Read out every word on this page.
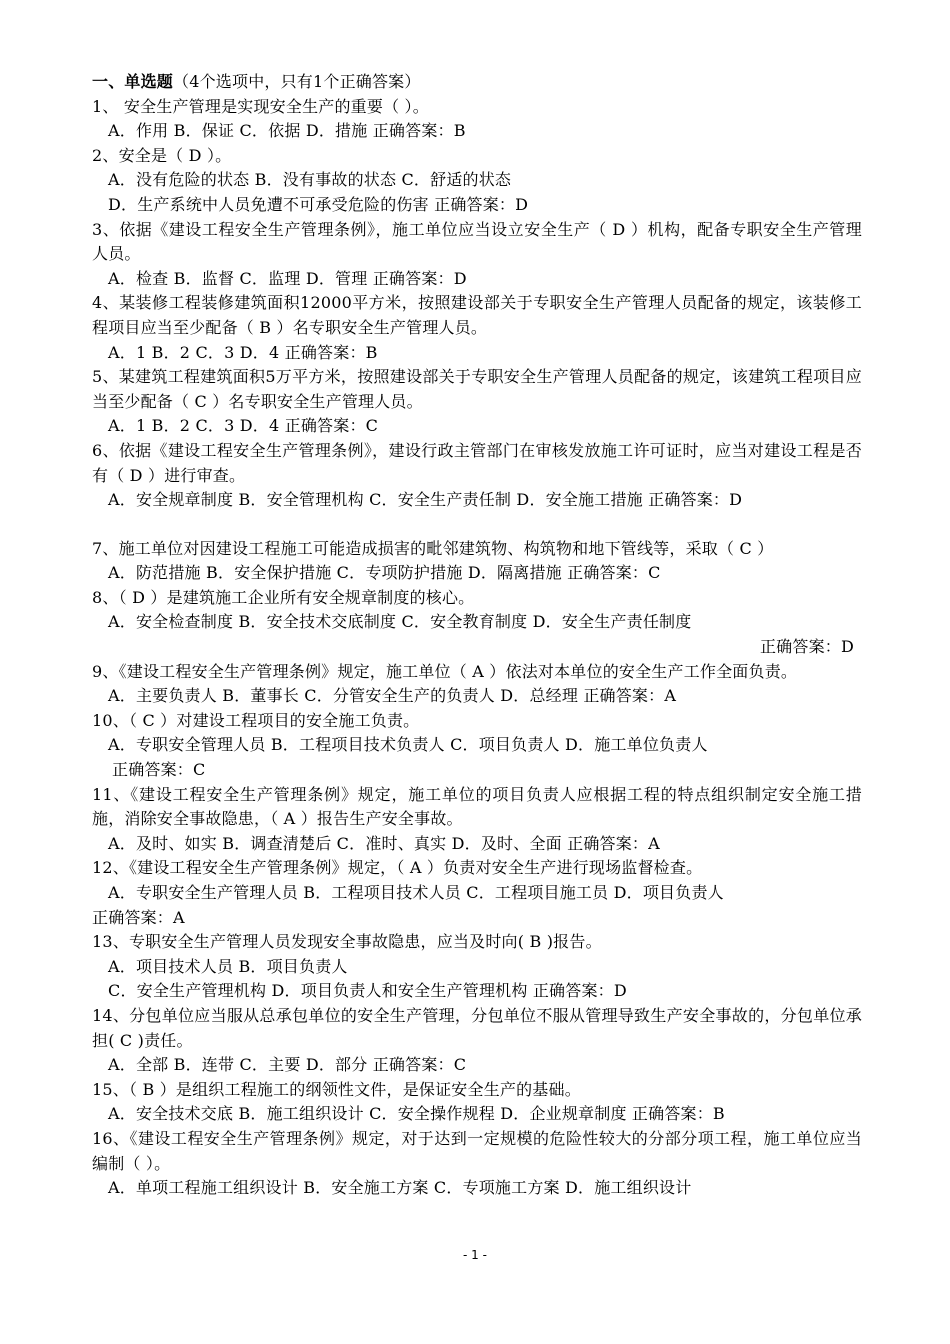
一、单选题（4个选项中，只有1个正确答案）
1、 安全生产管理是实现安全生产的重要（ ）。
A．作用 B．保证 C．依据 D．措施 正确答案：B
2、安全是（ D ）。
A．没有危险的状态 B．没有事故的状态 C．舒适的状态
D．生产系统中人员免遭不可承受危险的伤害 正确答案：D
3、依据《建设工程安全生产管理条例》，施工单位应当设立安全生产（ D ）机构，配备专职安全生产管理人员。
A．检查 B．监督 C．监理 D．管理 正确答案：D
4、某装修工程装修建筑面积12000平方米，按照建设部关于专职安全生产管理人员配备的规定，该装修工程项目应当至少配备（ B ）名专职安全生产管理人员。
A．1 B．2 C．3 D．4 正确答案：B
5、某建筑工程建筑面积5万平方米，按照建设部关于专职安全生产管理人员配备的规定，该建筑工程项目应当至少配备（ C ）名专职安全生产管理人员。
A．1 B．2 C．3 D．4 正确答案：C
6、依据《建设工程安全生产管理条例》，建设行政主管部门在审核发放施工许可证时，应当对建设工程是否有（ D ）进行审查。
A．安全规章制度 B．安全管理机构 C．安全生产责任制 D．安全施工措施 正确答案：D
7、施工单位对因建设工程施工可能造成损害的毗邻建筑物、构筑物和地下管线等，采取（ C ）
A．防范措施 B．安全保护措施 C．专项防护措施 D．隔离措施 正确答案：C
8、（ D ）是建筑施工企业所有安全规章制度的核心。
A．安全检查制度 B．安全技术交底制度 C．安全教育制度 D．安全生产责任制度
正确答案：D
9、《建设工程安全生产管理条例》规定，施工单位（ A ）依法对本单位的安全生产工作全面负责。
A．主要负责人 B．董事长 C．分管安全生产的负责人 D．总经理 正确答案：A
10、（ C ）对建设工程项目的安全施工负责。
A．专职安全管理人员 B．工程项目技术负责人 C．项目负责人 D．施工单位负责人
正确答案：C
11、《建设工程安全生产管理条例》规定，施工单位的项目负责人应根据工程的特点组织制定安全施工措施，消除安全事故隐患，（ A ）报告生产安全事故。
A．及时、如实 B．调查清楚后 C．准时、真实 D．及时、全面 正确答案：A
12、《建设工程安全生产管理条例》规定，（ A ）负责对安全生产进行现场监督检查。
A．专职安全生产管理人员 B．工程项目技术人员 C．工程项目施工员 D．项目负责人
正确答案：A
13、专职安全生产管理人员发现安全事故隐患，应当及时向( B )报告。
A．项目技术人员 B．项目负责人
C．安全生产管理机构 D．项目负责人和安全生产管理机构 正确答案：D
14、分包单位应当服从总承包单位的安全生产管理，分包单位不服从管理导致生产安全事故的，分包单位承担( C )责任。
A．全部 B．连带 C．主要 D．部分 正确答案：C
15、（ B ）是组织工程施工的纲领性文件，是保证安全生产的基础。
A．安全技术交底 B．施工组织设计 C．安全操作规程 D．企业规章制度 正确答案：B
16、《建设工程安全生产管理条例》规定，对于达到一定规模的危险性较大的分部分项工程，施工单位应当编制（ ）。
A．单项工程施工组织设计 B．安全施工方案 C．专项施工方案 D．施工组织设计
- 1 -
